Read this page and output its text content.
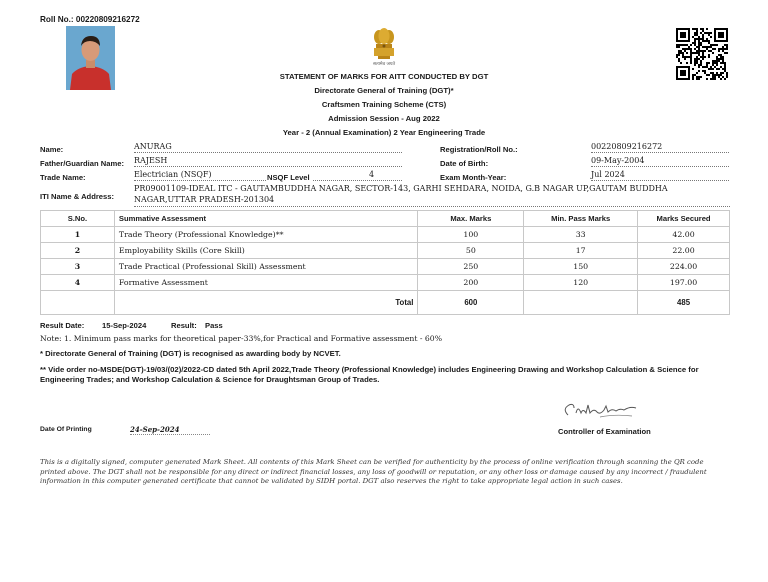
Roll No.: 00220809216272
सत्यमेव जयते
STATEMENT OF MARKS FOR AITT CONDUCTED BY DGT
Directorate General of Training (DGT)*
Craftsmen Training Scheme (CTS)
Admission Session - Aug 2022
Year - 2 (Annual Examination) 2 Year Engineering Trade
Name:	ANURAG	Registration/Roll No.:	00220809216272
Father/Guardian Name: RAJESH	Date of Birth:	09-May-2004
Trade Name:	Electrician (NSQF)	NSQF Level	4	Exam Month-Year:	Jul 2024
ITI Name & Address:
PR09001109-IDEAL ITC - GAUTAMBUDDHA NAGAR, SECTOR-143, GARHI SEHDARA, NOIDA, G.B NAGAR UP,GAUTAM BUDDHA NAGAR,UTTAR PRADESH-201304
S.No.	Summative Assessment	Max. Marks	Min. Pass Marks	Marks Secured
1	Trade Theory (Professional Knowledge)**	100	33	42.00
2	Employability Skills (Core Skill)	50	17	22.00
3	Trade Practical (Professional Skill) Assessment	250	150	224.00
4	Formative Assessment	200	120	197.00
	Total	600		485
Result Date: 15-Sep-2024	Result: Pass
Note: 1. Minimum pass marks for theoretical paper-33%,for Practical and Formative assessment - 60%
* Directorate General of Training (DGT) is recognised as awarding body by NCVET.
** Vide order no-MSDE(DGT)-19/03/(02)/2022-CD dated 5th April 2022,Trade Theory (Professional Knowledge) includes Engineering Drawing and Workshop Calculation & Science for Engineering Trades; and Workshop Calculation & Science for Draughtsman Group of Trades.
Date Of Printing	24-Sep-2024	Controller of Examination
This is a digitally signed, computer generated Mark Sheet. All contents of this Mark Sheet can be verified for authenticity by the process of online verification through scanning the QR code printed above. The DGT shall not be responsible for any direct or indirect financial losses, any loss of goodwill or reputation, or any other loss or damage caused by any incorrect / fraudulent information in this computer generated certificate that cannot be validated by SIDH portal. DGT also reserves the right to take appropriate legal action in such cases.
